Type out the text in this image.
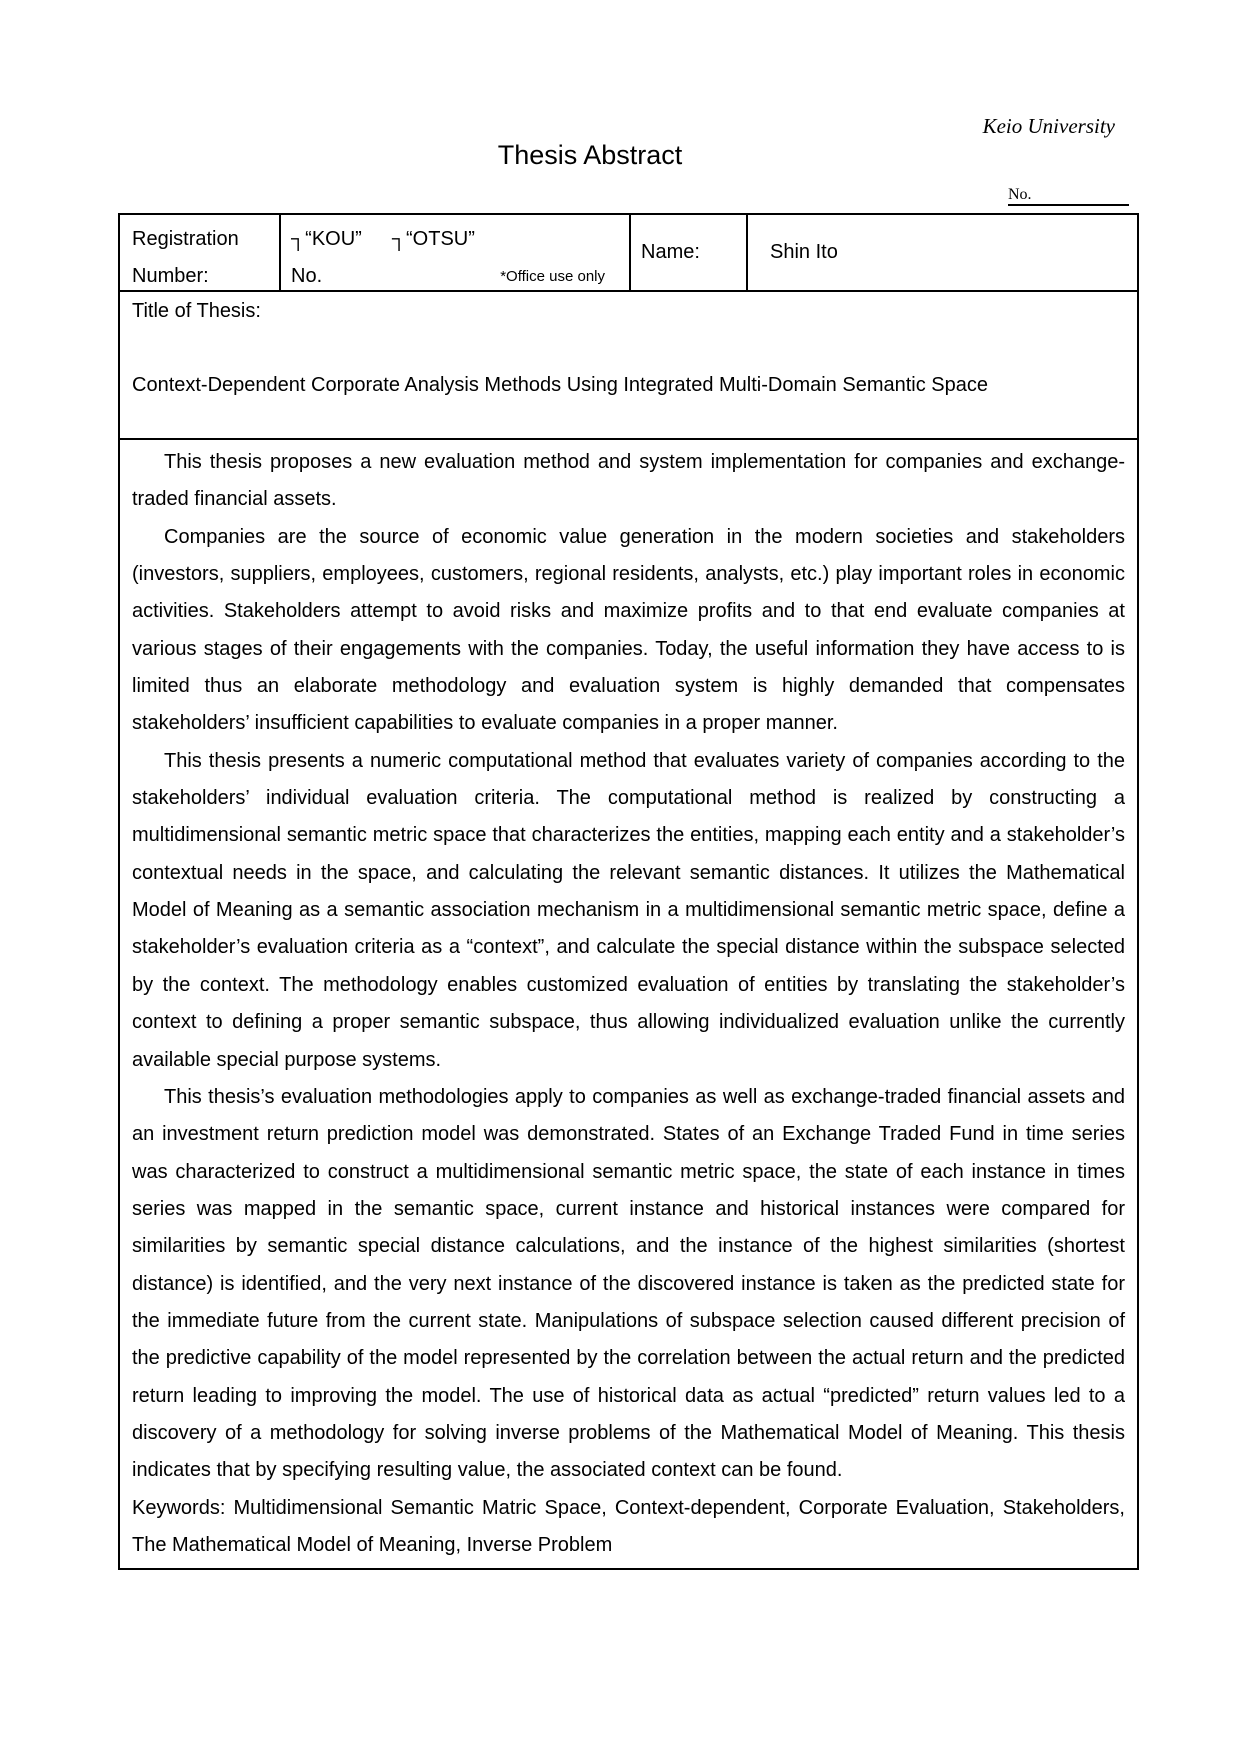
Keio University
Thesis Abstract
No.
Registration
Number:
┐“KOU” ┐“OTSU”
No.	*Office use only
Name:	Shin Ito
Title of Thesis:
Context-Dependent Corporate Analysis Methods Using Integrated Multi-Domain Semantic Space

This thesis proposes a new evaluation method and system implementation for companies and exchange-traded financial assets.

Companies are the source of economic value generation in the modern societies and stakeholders (investors, suppliers, employees, customers, regional residents, analysts, etc.) play important roles in economic activities. Stakeholders attempt to avoid risks and maximize profits and to that end evaluate companies at various stages of their engagements with the companies. Today, the useful information they have access to is limited thus an elaborate methodology and evaluation system is highly demanded that compensates stakeholders’ insufficient capabilities to evaluate companies in a proper manner.

This thesis presents a numeric computational method that evaluates variety of companies according to the stakeholders’ individual evaluation criteria. The computational method is realized by constructing a multidimensional semantic metric space that characterizes the entities, mapping each entity and a stakeholder’s contextual needs in the space, and calculating the relevant semantic distances. It utilizes the Mathematical Model of Meaning as a semantic association mechanism in a multidimensional semantic metric space, define a stakeholder’s evaluation criteria as a “context”, and calculate the special distance within the subspace selected by the context. The methodology enables customized evaluation of entities by translating the stakeholder’s context to defining a proper semantic subspace, thus allowing individualized evaluation unlike the currently available special purpose systems.

This thesis’s evaluation methodologies apply to companies as well as exchange-traded financial assets and an investment return prediction model was demonstrated. States of an Exchange Traded Fund in time series was characterized to construct a multidimensional semantic metric space, the state of each instance in times series was mapped in the semantic space, current instance and historical instances were compared for similarities by semantic special distance calculations, and the instance of the highest similarities (shortest distance) is identified, and the very next instance of the discovered instance is taken as the predicted state for the immediate future from the current state. Manipulations of subspace selection caused different precision of the predictive capability of the model represented by the correlation between the actual return and the predicted return leading to improving the model. The use of historical data as actual “predicted” return values led to a discovery of a methodology for solving inverse problems of the Mathematical Model of Meaning. This thesis indicates that by specifying resulting value, the associated context can be found.

Keywords: Multidimensional Semantic Matric Space, Context-dependent, Corporate Evaluation, Stakeholders, The Mathematical Model of Meaning, Inverse Problem
